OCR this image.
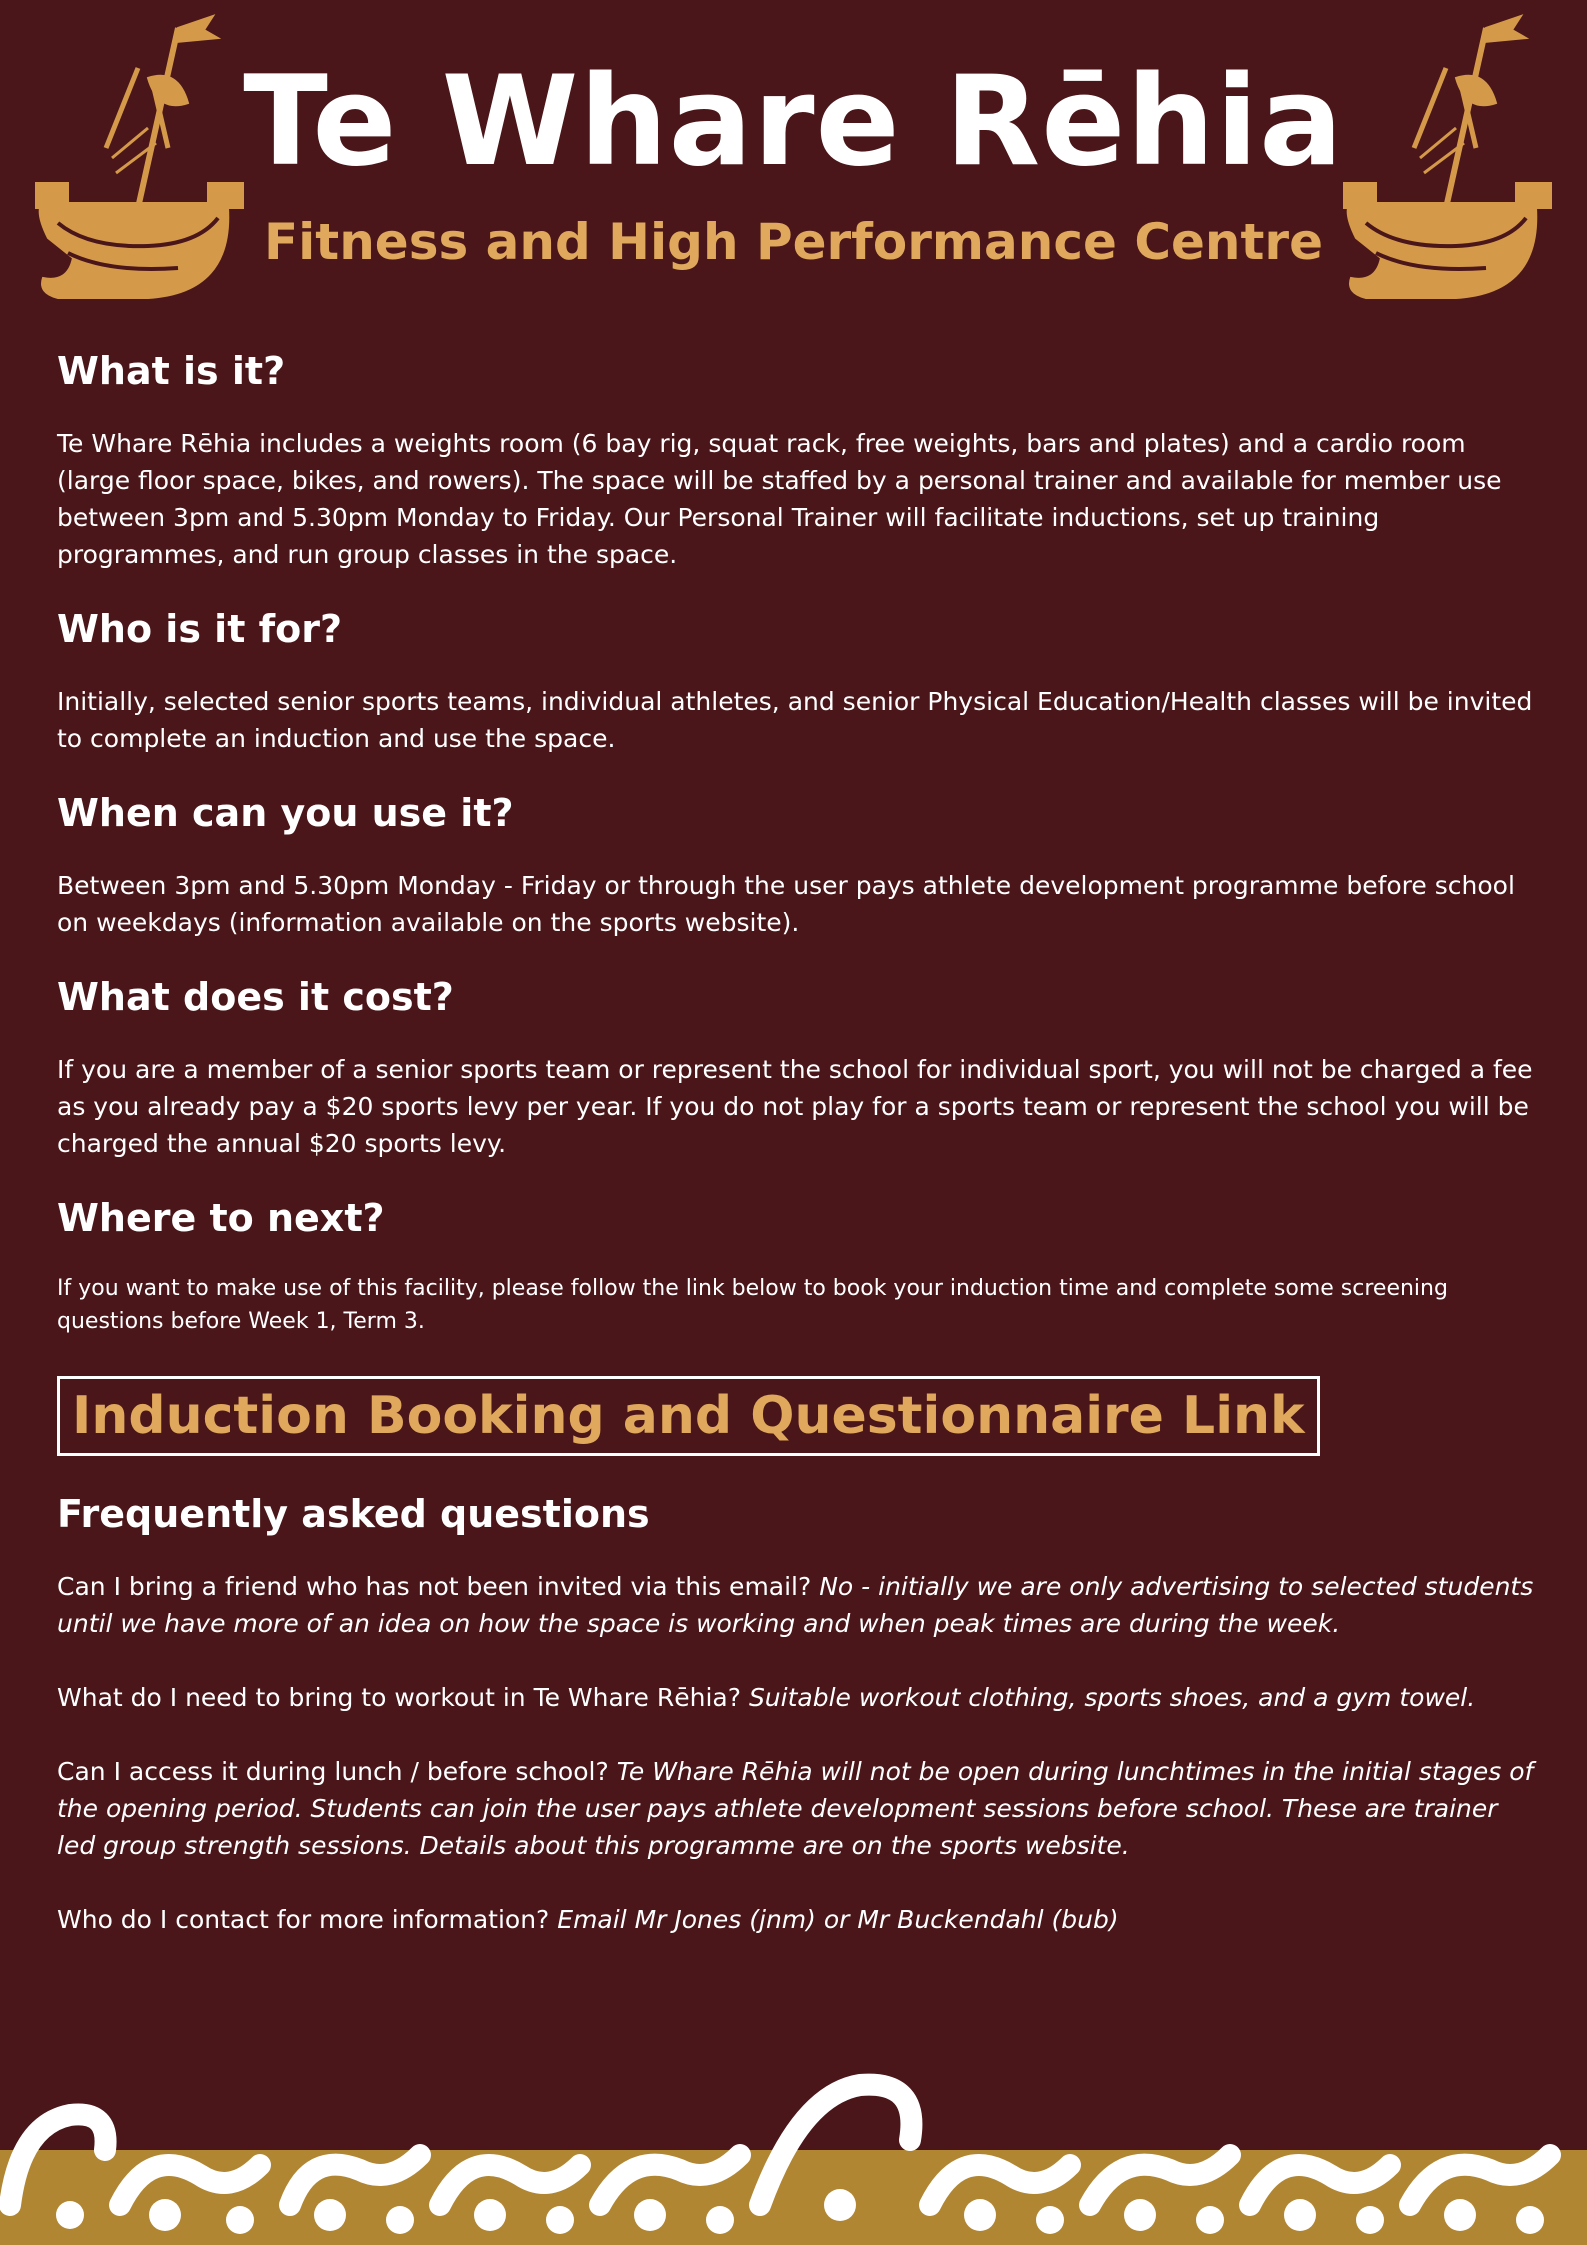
Te Whare Rēhia
Fitness and High Performance Centre
What is it?

Te Whare Rēhia includes a weights room (6 bay rig, squat rack, free weights, bars and plates) and a cardio room (large floor space, bikes, and rowers). The space will be staffed by a personal trainer and available for member use between 3pm and 5.30pm Monday to Friday. Our Personal Trainer will facilitate inductions, set up training programmes, and run group classes in the space.

Who is it for?

Initially, selected senior sports teams, individual athletes, and senior Physical Education/Health classes will be invited to complete an induction and use the space.

When can you use it?

Between 3pm and 5.30pm Monday - Friday or through the user pays athlete development programme before school on weekdays (information available on the sports website).

What does it cost?

If you are a member of a senior sports team or represent the school for individual sport, you will not be charged a fee as you already pay a $20 sports levy per year. If you do not play for a sports team or represent the school you will be charged the annual $20 sports levy.

Where to next?

If you want to make use of this facility, please follow the link below to book your induction time and complete some screening questions before Week 1, Term 3.

Induction Booking and Questionnaire Link
Frequently asked questions

Can I bring a friend who has not been invited via this email? No - initially we are only advertising to selected students until we have more of an idea on how the space is working and when peak times are during the week.

What do I need to bring to workout in Te Whare Rēhia? Suitable workout clothing, sports shoes, and a gym towel.

Can I access it during lunch / before school? Te Whare Rēhia will not be open during lunchtimes in the initial stages of the opening period. Students can join the user pays athlete development sessions before school. These are trainer led group strength sessions. Details about this programme are on the sports website.

Who do I contact for more information? Email Mr Jones (jnm) or Mr Buckendahl (bub)
